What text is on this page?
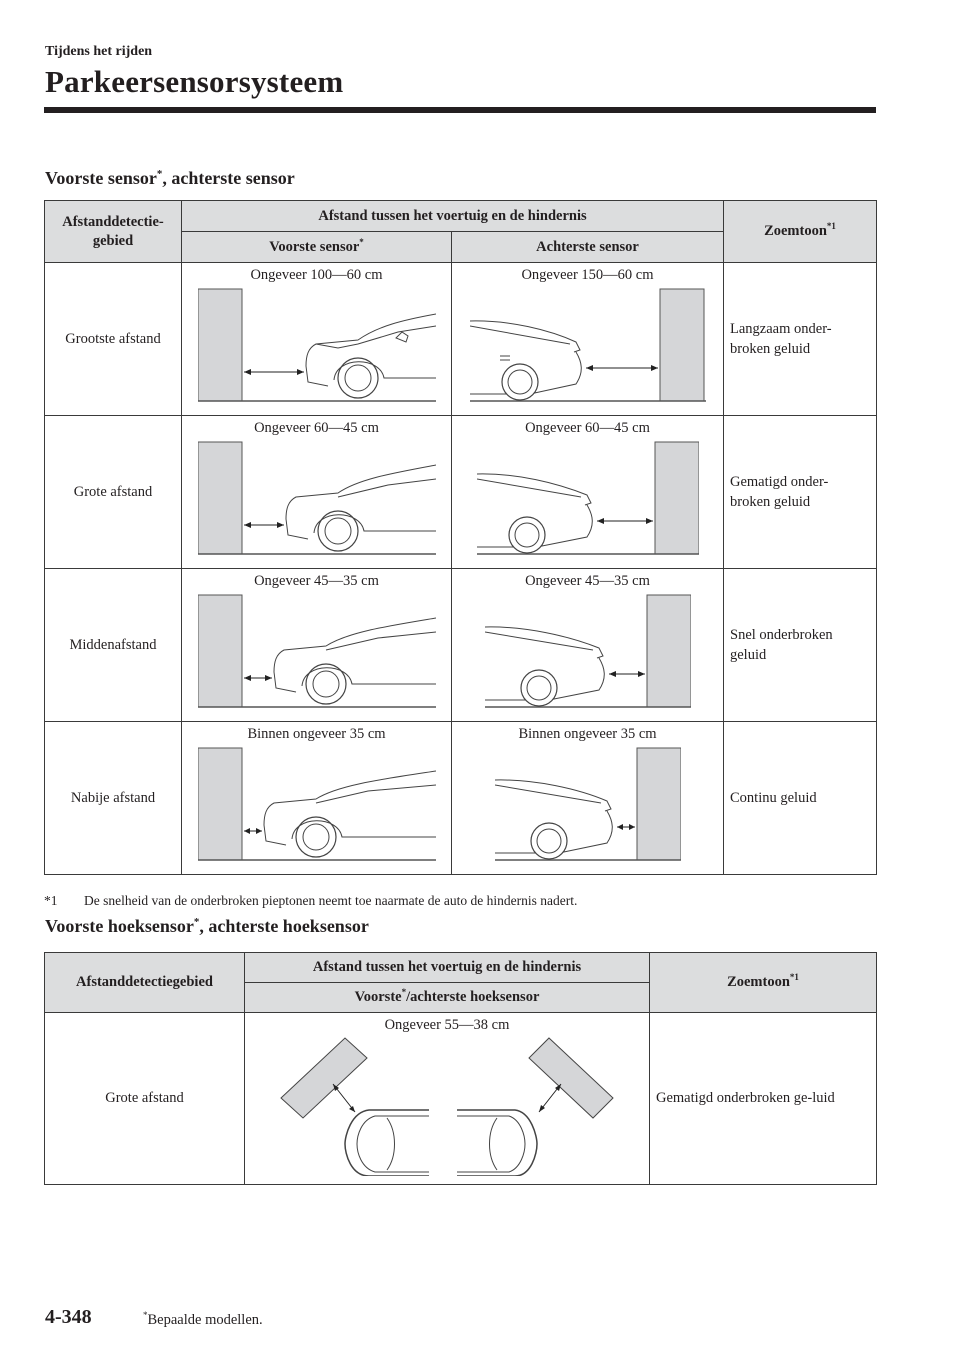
Tijdens het rijden
Parkeersensorsysteem
Voorste sensor*, achterste sensor
Afstanddetectie-gebied	Afstand tussen het voertuig en de hindernis		Zoemtoon$^{*1}$
	Voorste sensor*	Achterste sensor	
Grootste afstand	Ongeveer 100—60 cm	Ongeveer 150—60 cm	Langzaam onder-broken geluid
Grote afstand	Ongeveer 60—45 cm	Ongeveer 60—45 cm	Gematigd onder-broken geluid
Middenafstand	Ongeveer 45—35 cm	Ongeveer 45—35 cm	Snel onderbroken geluid
Nabije afstand	Binnen ongeveer 35 cm	Binnen ongeveer 35 cm	Continu geluid
*1 De snelheid van de onderbroken pieptonen neemt toe naarmate de auto de hindernis nadert.
Voorste hoeksensor*, achterste hoeksensor
Afstanddetectiegebied	Afstand tussen het voertuig en de hindernis	Zoemtoon$^{*1}$
	Voorste*/achterste hoeksensor	
Grote afstand	Ongeveer 55—38 cm	Gematigd onderbroken ge-luid
4-348	*Bepaalde modellen.
